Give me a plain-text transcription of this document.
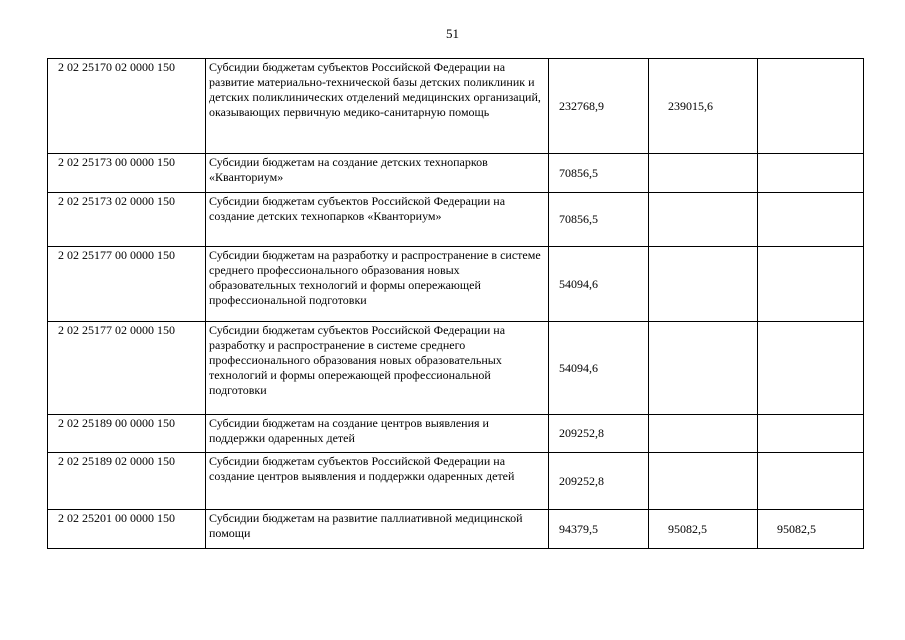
51
2 02 25170 02 0000 150	Субсидии бюджетам субъектов Российской Федерации на развитие материально-технической базы детских поликлиник и детских поликлинических отделений медицинских организаций, оказывающих первичную медико-санитарную помощь	232768,9	239015,6	
2 02 25173 00 0000 150	Субсидии бюджетам на создание детских технопарков «Кванториум»	70856,5		
2 02 25173 02 0000 150	Субсидии бюджетам субъектов Российской Федерации на создание детских технопарков «Кванториум»	70856,5		
2 02 25177 00 0000 150	Субсидии бюджетам на разработку и распространение в системе среднего профессионального образования новых образовательных технологий и формы опережающей профессиональной подготовки	54094,6		
2 02 25177 02 0000 150	Субсидии бюджетам субъектов Российской Федерации на разработку и распространение в системе среднего профессионального образования новых образовательных технологий и формы опережающей профессиональной подготовки	54094,6		
2 02 25189 00 0000 150	Субсидии бюджетам на создание центров выявления и поддержки одаренных детей	209252,8		
2 02 25189 02 0000 150	Субсидии бюджетам субъектов Российской Федерации на создание центров выявления и поддержки одаренных детей	209252,8		
2 02 25201 00 0000 150	Субсидии бюджетам на развитие паллиативной медицинской помощи	94379,5	95082,5	95082,5
